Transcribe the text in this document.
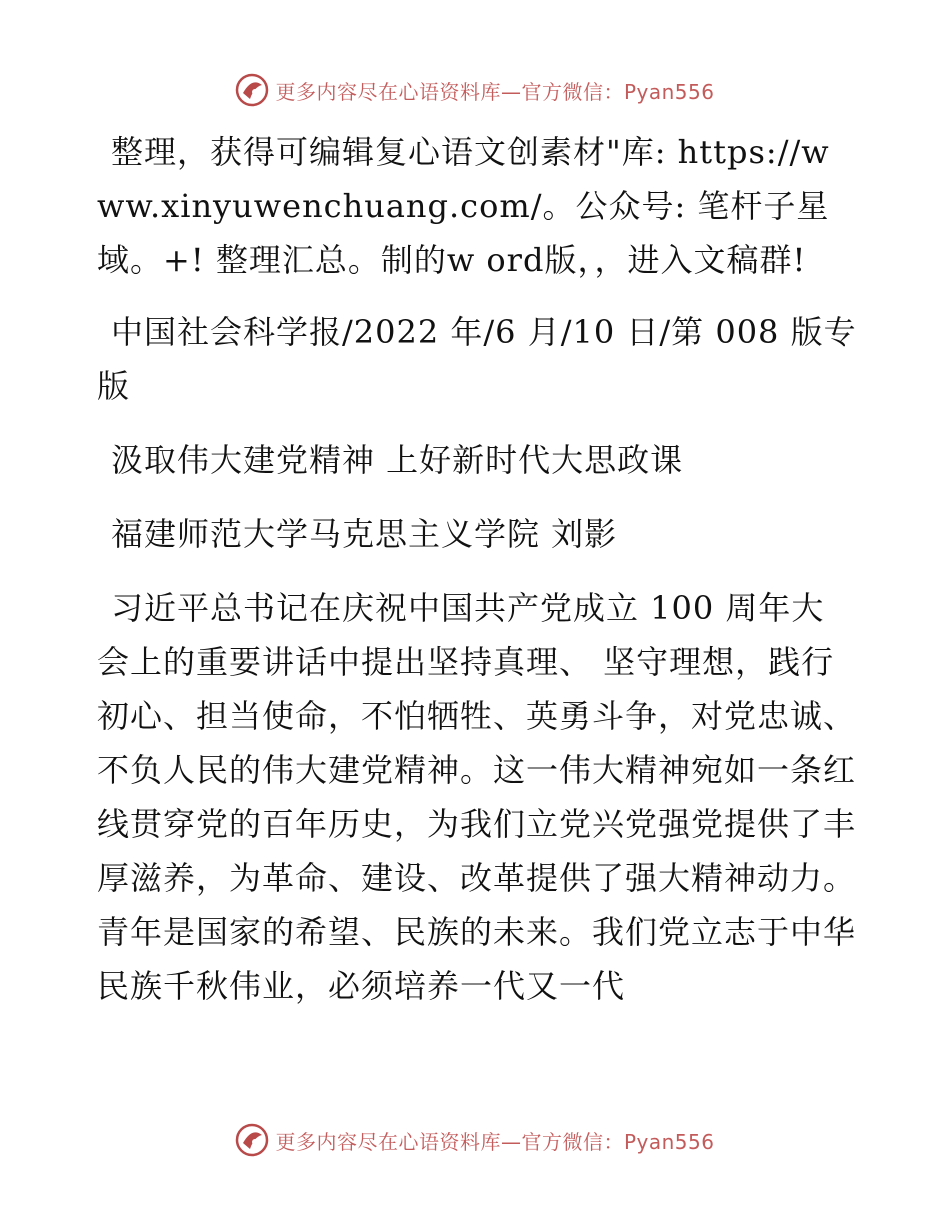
更多内容尽在心语资料库—官方微信：Pyan556

整理，获得可编辑复心语文创素材"库: https://www.xinyuwenchuang.com/。公众号: 笔杆子星域。+! 整理汇总。制的w ord版，，进入文稿群!

中国社会科学报/2022 年/6 月/10 日/第 008 版专版

汲取伟大建党精神 上好新时代大思政课

福建师范大学马克思主义学院 刘影

习近平总书记在庆祝中国共产党成立 100 周年大会上的重要讲话中提出坚持真理、 坚守理想，践行初心、担当使命，不怕牺牲、英勇斗争，对党忠诚、不负人民的伟大建党精神。这一伟大精神宛如一条红线贯穿党的百年历史，为我们立党兴党强党提供了丰厚滋养，为革命、建设、改革提供了强大精神动力。青年是国家的希望、民族的未来。我们党立志于中华民族千秋伟业，必须培养一代又一代

更多内容尽在心语资料库—官方微信：Pyan556
